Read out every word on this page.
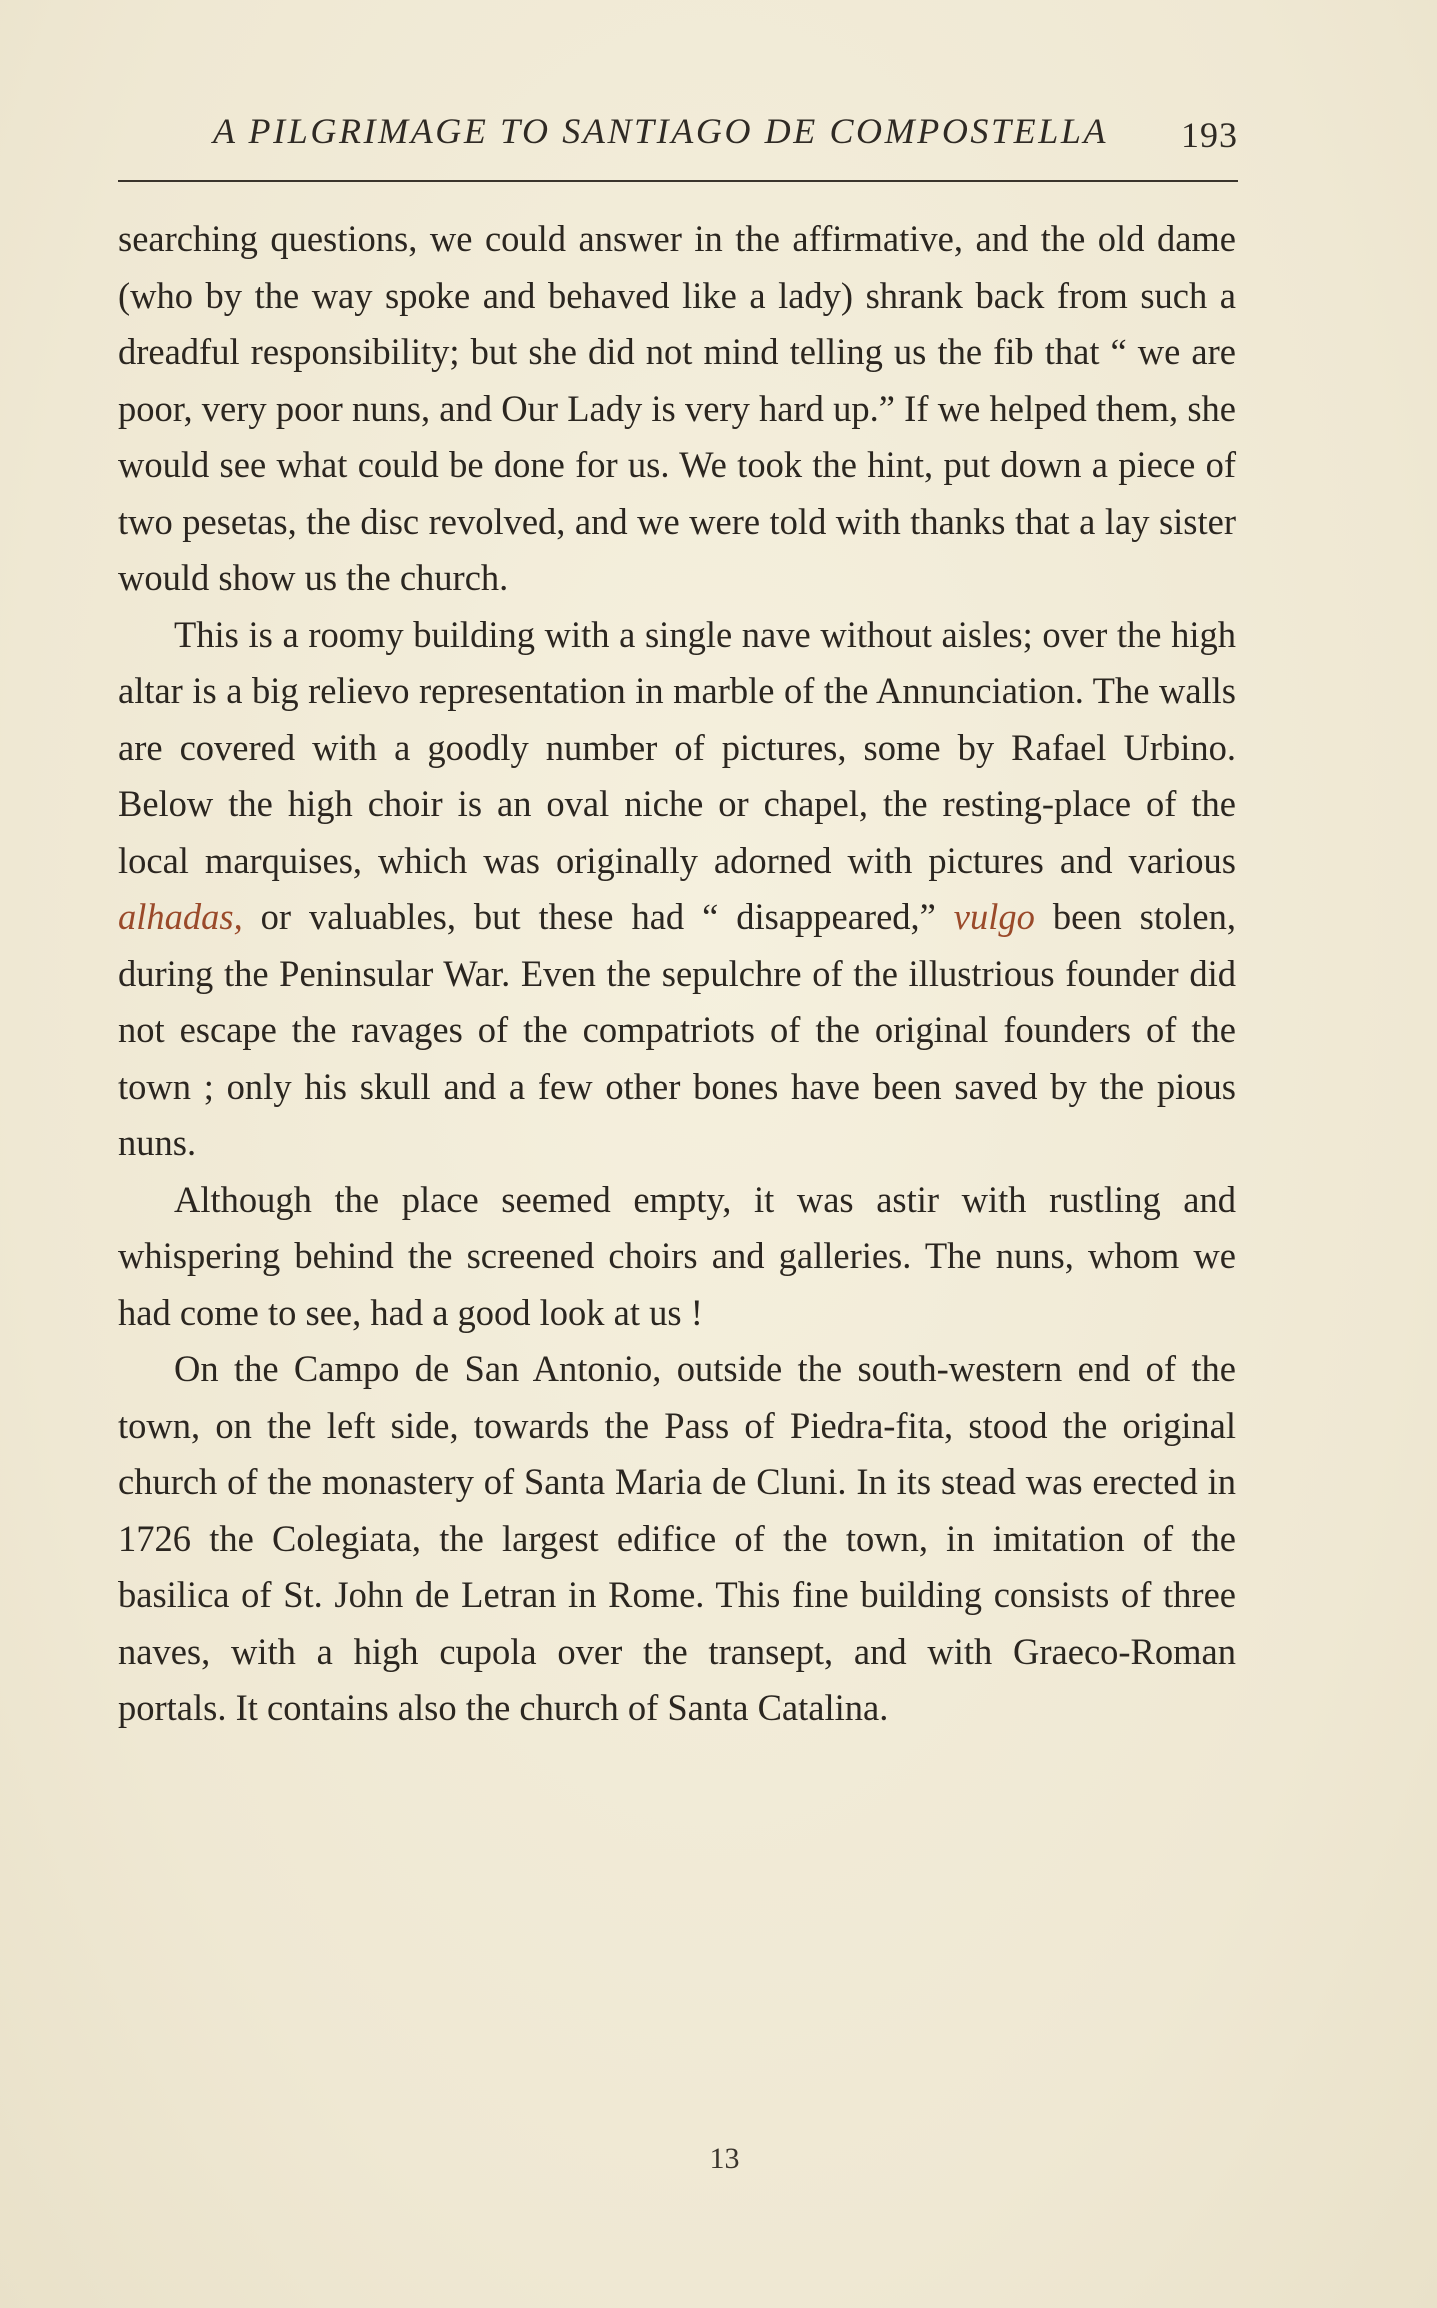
A PILGRIMAGE TO SANTIAGO DE COMPOSTELLA 193

searching questions, we could answer in the affirmative, and the old dame (who by the way spoke and behaved like a lady) shrank back from such a dreadful responsibility; but she did not mind telling us the fib that “ we are poor, very poor nuns, and Our Lady is very hard up.” If we helped them, she would see what could be done for us. We took the hint, put down a piece of two pesetas, the disc revolved, and we were told with thanks that a lay sister would show us the church.

This is a roomy building with a single nave without aisles; over the high altar is a big relievo representation in marble of the Annunciation. The walls are covered with a goodly number of pictures, some by Rafael Urbino. Below the high choir is an oval niche or chapel, the resting-place of the local marquises, which was originally adorned with pictures and various alhadas, or valuables, but these had “ disappeared,” vulgo been stolen, during the Peninsular War. Even the sepulchre of the illustrious founder did not escape the ravages of the compatriots of the original founders of the town ; only his skull and a few other bones have been saved by the pious nuns.

Although the place seemed empty, it was astir with rustling and whispering behind the screened choirs and galleries. The nuns, whom we had come to see, had a good look at us !

On the Campo de San Antonio, outside the south-western end of the town, on the left side, towards the Pass of Piedra-fita, stood the original church of the monastery of Santa Maria de Cluni. In its stead was erected in 1726 the Colegiata, the largest edifice of the town, in imitation of the basilica of St. John de Letran in Rome. This fine building consists of three naves, with a high cupola over the transept, and with Graeco-Roman portals. It contains also the church of Santa Catalina.

13
